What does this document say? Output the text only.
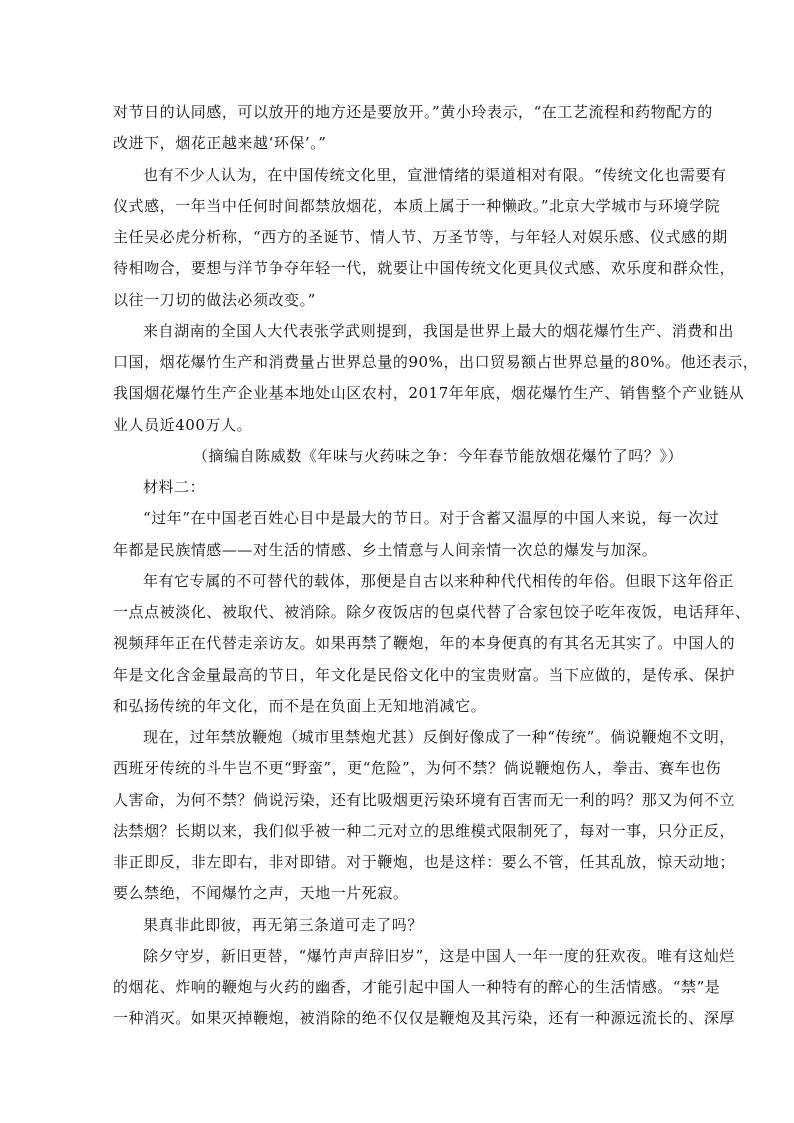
对节日的认同感，可以放开的地方还是要放开。”黄小玲表示，“在工艺流程和药物配方的
改进下，烟花正越来越‘环保’。”
也有不少人认为，在中国传统文化里，宣泄情绪的渠道相对有限。“传统文化也需要有
仪式感，一年当中任何时间都禁放烟花，本质上属于一种懒政。”北京大学城市与环境学院
主任吴必虎分析称，“西方的圣诞节、情人节、万圣节等，与年轻人对娱乐感、仪式感的期
待相吻合，要想与洋节争夺年轻一代，就要让中国传统文化更具仪式感、欢乐度和群众性，
以往一刀切的做法必须改变。”
来自湖南的全国人大代表张学武则提到，我国是世界上最大的烟花爆竹生产、消费和出
口国，烟花爆竹生产和消费量占世界总量的90%，出口贸易额占世界总量的80%。他还表示，
我国烟花爆竹生产企业基本地处山区农村，2017年年底，烟花爆竹生产、销售整个产业链从
业人员近400万人。
（摘编自陈威数《年味与火药味之争：今年春节能放烟花爆竹了吗？》）
材料二：
“过年”在中国老百姓心目中是最大的节日。对于含蓄又温厚的中国人来说，每一次过
年都是民族情感——对生活的情感、乡土情意与人间亲情一次总的爆发与加深。
年有它专属的不可替代的载体，那便是自古以来种种代代相传的年俗。但眼下这年俗正
一点点被淡化、被取代、被消除。除夕夜饭店的包桌代替了合家包饺子吃年夜饭，电话拜年、
视频拜年正在代替走亲访友。如果再禁了鞭炮，年的本身便真的有其名无其实了。中国人的
年是文化含金量最高的节日，年文化是民俗文化中的宝贵财富。当下应做的，是传承、保护
和弘扬传统的年文化，而不是在负面上无知地消减它。
现在，过年禁放鞭炮（城市里禁炮尤甚）反倒好像成了一种“传统”。倘说鞭炮不文明，
西班牙传统的斗牛岂不更“野蛮”，更“危险”，为何不禁？倘说鞭炮伤人，拳击、赛车也伤
人害命，为何不禁？倘说污染，还有比吸烟更污染环境有百害而无一利的吗？那又为何不立
法禁烟？长期以来，我们似乎被一种二元对立的思维模式限制死了，每对一事，只分正反，
非正即反，非左即右，非对即错。对于鞭炮，也是这样：要么不管，任其乱放，惊天动地；
要么禁绝，不闻爆竹之声，天地一片死寂。
果真非此即彼，再无第三条道可走了吗？
除夕守岁，新旧更替，“爆竹声声辞旧岁”，这是中国人一年一度的狂欢夜。唯有这灿烂
的烟花、炸响的鞭炮与火药的幽香，才能引起中国人一种特有的醉心的生活情感。“禁”是
一种消灭。如果灭掉鞭炮，被消除的绝不仅仅是鞭炮及其污染，还有一种源远流长的、深厚
